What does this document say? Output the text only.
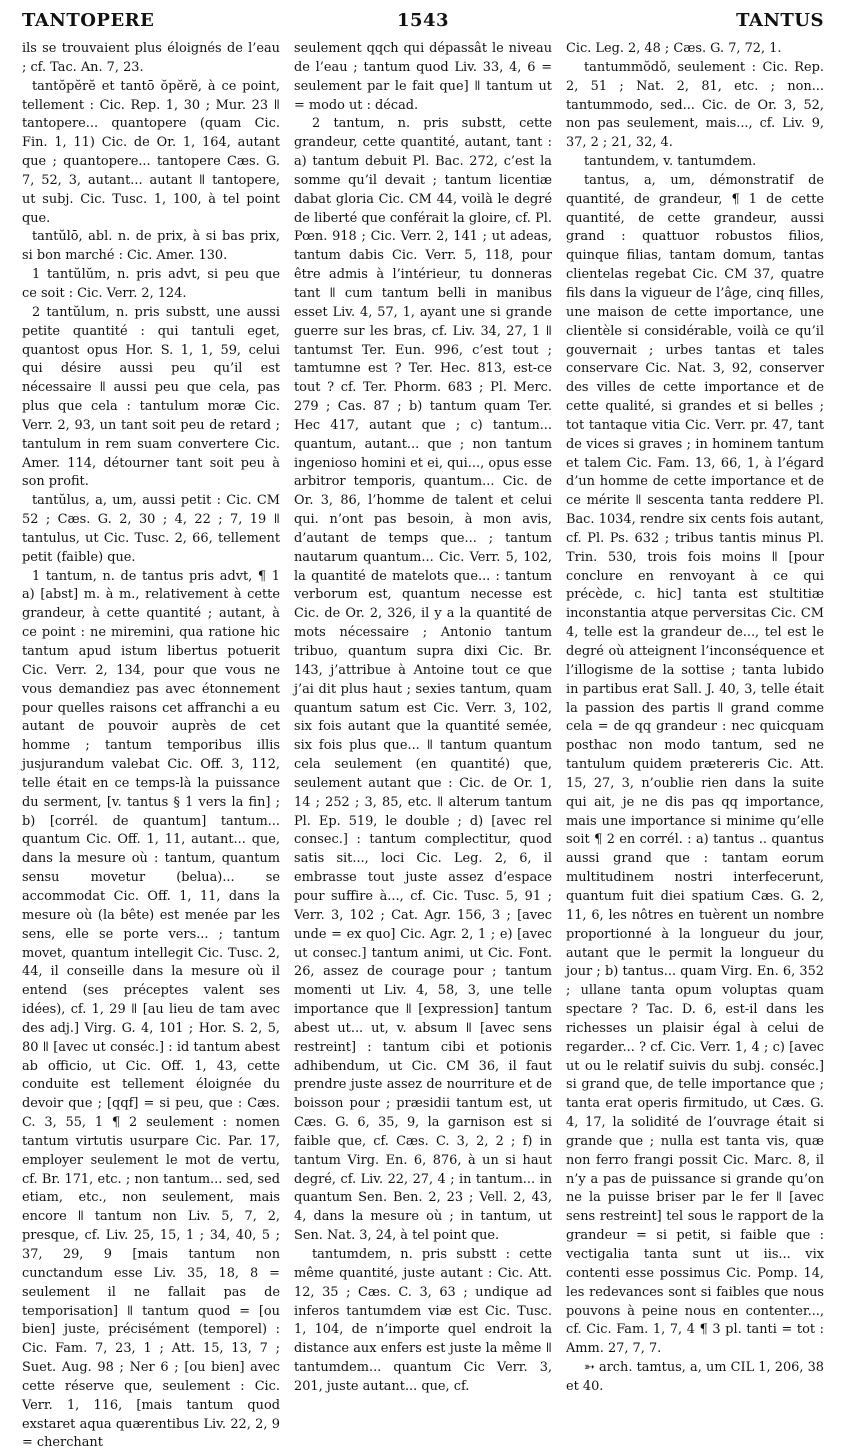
TANTOPERE	1543	TANTUS

ils se trouvaient plus éloignés de l’eau ; cf. Tac. An. 7, 23.

tantŏpĕrĕ et tantō ŏpĕrĕ, à ce point, tellement : Cic. Rep. 1, 30 ; Mur. 23 ǁ tantopere... quantopere (quam Cic. Fin. 1, 11) Cic. de Or. 1, 164, autant que ; quantopere... tantopere Cæs. G. 7, 52, 3, autant... autant ǁ tantopere, ut subj. Cic. Tusc. 1, 100, à tel point que.

tantŭlō, abl. n. de prix, à si bas prix, si bon marché : Cic. Amer. 130.

1 tantŭlŭm, n. pris advt, si peu que ce soit : Cic. Verr. 2, 124.

2 tantŭlum, n. pris substt, une aussi petite quantité : qui tantuli eget, quantost opus Hor. S. 1, 1, 59, celui qui désire aussi peu qu’il est nécessaire ǁ aussi peu que cela, pas plus que cela : tantulum moræ Cic. Verr. 2, 93, un tant soit peu de retard ; tantulum in rem suam convertere Cic. Amer. 114, détourner tant soit peu à son profit.

tantŭlus, a, um, aussi petit : Cic. CM 52 ; Cæs. G. 2, 30 ; 4, 22 ; 7, 19 ǁ tantulus, ut Cic. Tusc. 2, 66, tellement petit (faible) que.

1 tantum, n. de tantus pris advt, ¶ 1 a) [abst] m. à m., relativement à cette grandeur, à cette quantité ; autant, à ce point : ne miremini, qua ratione hic tantum apud istum libertus potuerit Cic. Verr. 2, 134, pour que vous ne vous demandiez pas avec étonnement pour quelles raisons cet affranchi a eu autant de pouvoir auprès de cet homme ; tantum temporibus illis jusjurandum valebat Cic. Off. 3, 112, telle était en ce temps-là la puissance du serment, [v. tantus § 1 vers la fin] ; b) [corrél. de quantum] tantum... quantum Cic. Off. 1, 11, autant... que, dans la mesure où : tantum, quantum sensu movetur (belua)... se accommodat Cic. Off. 1, 11, dans la mesure où (la bête) est menée par les sens, elle se porte vers... ; tantum movet, quantum intellegit Cic. Tusc. 2, 44, il conseille dans la mesure où il entend (ses préceptes valent ses idées), cf. 1, 29 ǁ [au lieu de tam avec des adj.] Virg. G. 4, 101 ; Hor. S. 2, 5, 80 ǁ [avec ut conséc.] : id tantum abest ab officio, ut Cic. Off. 1, 43, cette conduite est tellement éloignée du devoir que ; [qqf] = si peu, que : Cæs. C. 3, 55, 1 ¶ 2 seulement : nomen tantum virtutis usurpare Cic. Par. 17, employer seulement le mot de vertu, cf. Br. 171, etc. ; non tantum... sed, sed etiam, etc., non seulement, mais encore ǁ tantum non Liv. 5, 7, 2, presque, cf. Liv. 25, 15, 1 ; 34, 40, 5 ; 37, 29, 9 [mais tantum non cunctandum esse Liv. 35, 18, 8 = seulement il ne fallait pas de temporisation] ǁ tantum quod = [ou bien] juste, précisément (temporel) : Cic. Fam. 7, 23, 1 ; Att. 15, 13, 7 ; Suet. Aug. 98 ; Ner 6 ; [ou bien] avec cette réserve que, seulement : Cic. Verr. 1, 116, [mais tantum quod exstaret aqua quærentibus Liv. 22, 2, 9 = cherchant

seulement qqch qui dépassât le niveau de l’eau ; tantum quod Liv. 33, 4, 6 = seulement par le fait que] ǁ tantum ut = modo ut : décad.

2 tantum, n. pris substt, cette grandeur, cette quantité, autant, tant : a) tantum debuit Pl. Bac. 272, c’est la somme qu’il devait ; tantum licentiæ dabat gloria Cic. CM 44, voilà le degré de liberté que conférait la gloire, cf. Pl. Pœn. 918 ; Cic. Verr. 2, 141 ; ut adeas, tantum dabis Cic. Verr. 5, 118, pour être admis à l’intérieur, tu donneras tant ǁ cum tantum belli in manibus esset Liv. 4, 57, 1, ayant une si grande guerre sur les bras, cf. Liv. 34, 27, 1 ǁ tantumst Ter. Eun. 996, c’est tout ; tamtumne est ? Ter. Hec. 813, est-ce tout ? cf. Ter. Phorm. 683 ; Pl. Merc. 279 ; Cas. 87 ; b) tantum quam Ter. Hec 417, autant que ; c) tantum... quantum, autant... que ; non tantum ingenioso homini et ei, qui..., opus esse arbitror temporis, quantum... Cic. de Or. 3, 86, l’homme de talent et celui qui. n’ont pas besoin, à mon avis, d’autant de temps que... ; tantum nautarum quantum... Cic. Verr. 5, 102, la quantité de matelots que... : tantum verborum est, quantum necesse est Cic. de Or. 2, 326, il y a la quantité de mots nécessaire ; Antonio tantum tribuo, quantum supra dixi Cic. Br. 143, j’attribue à Antoine tout ce que j’ai dit plus haut ; sexies tantum, quam quantum satum est Cic. Verr. 3, 102, six fois autant que la quantité semée, six fois plus que... ǁ tantum quantum cela seulement (en quantité) que, seulement autant que : Cic. de Or. 1, 14 ; 252 ; 3, 85, etc. ǁ alterum tantum Pl. Ep. 519, le double ; d) [avec rel consec.] : tantum complectitur, quod satis sit..., loci Cic. Leg. 2, 6, il embrasse tout juste assez d’espace pour suffire à..., cf. Cic. Tusc. 5, 91 ; Verr. 3, 102 ; Cat. Agr. 156, 3 ; [avec unde = ex quo] Cic. Agr. 2, 1 ; e) [avec ut consec.] tantum animi, ut Cic. Font. 26, assez de courage pour ; tantum momenti ut Liv. 4, 58, 3, une telle importance que ǁ [expression] tantum abest ut... ut, v. absum ǁ [avec sens restreint] : tantum cibi et potionis adhibendum, ut Cic. CM 36, il faut prendre juste assez de nourriture et de boisson pour ; præsidii tantum est, ut Cæs. G. 6, 35, 9, la garnison est si faible que, cf. Cæs. C. 3, 2, 2 ; f) in tantum Virg. En. 6, 876, à un si haut degré, cf. Liv. 22, 27, 4 ; in tantum... in quantum Sen. Ben. 2, 23 ; Vell. 2, 43, 4, dans la mesure où ; in tantum, ut Sen. Nat. 3, 24, à tel point que.

tantumdem, n. pris substt : cette même quantité, juste autant : Cic. Att. 12, 35 ; Cæs. C. 3, 63 ; undique ad inferos tantumdem viæ est Cic. Tusc. 1, 104, de n’importe quel endroit la distance aux enfers est juste la même ǁ tantumdem... quantum Cic Verr. 3, 201, juste autant... que, cf.

Cic. Leg. 2, 48 ; Cæs. G. 7, 72, 1.

tantummŏdŏ, seulement : Cic. Rep. 2, 51 ; Nat. 2, 81, etc. ; non... tantummodo, sed... Cic. de Or. 3, 52, non pas seulement, mais..., cf. Liv. 9, 37, 2 ; 21, 32, 4.

tantundem, v. tantumdem.

tantus, a, um, démonstratif de quantité, de grandeur, ¶ 1 de cette quantité, de cette grandeur, aussi grand : quattuor robustos filios, quinque filias, tantam domum, tantas clientelas regebat Cic. CM 37, quatre fils dans la vigueur de l’âge, cinq filles, une maison de cette importance, une clientèle si considérable, voilà ce qu’il gouvernait ; urbes tantas et tales conservare Cic. Nat. 3, 92, conserver des villes de cette importance et de cette qualité, si grandes et si belles ; tot tantaque vitia Cic. Verr. pr. 47, tant de vices si graves ; in hominem tantum et talem Cic. Fam. 13, 66, 1, à l’égard d’un homme de cette importance et de ce mérite ǁ sescenta tanta reddere Pl. Bac. 1034, rendre six cents fois autant, cf. Pl. Ps. 632 ; tribus tantis minus Pl. Trin. 530, trois fois moins ǁ [pour conclure en renvoyant à ce qui précède, c. hic] tanta est stultitiæ inconstantia atque perversitas Cic. CM 4, telle est la grandeur de..., tel est le degré où atteignent l’inconséquence et l’illogisme de la sottise ; tanta lubido in partibus erat Sall. J. 40, 3, telle était la passion des partis ǁ grand comme cela = de qq grandeur : nec quicquam posthac non modo tantum, sed ne tantulum quidem prætereris Cic. Att. 15, 27, 3, n’oublie rien dans la suite qui ait, je ne dis pas qq importance, mais une importance si minime qu’elle soit ¶ 2 en corrél. : a) tantus .. quantus aussi grand que : tantam eorum multitudinem nostri interfecerunt, quantum fuit diei spatium Cæs. G. 2, 11, 6, les nôtres en tuèrent un nombre proportionné à la longueur du jour, autant que le permit la longueur du jour ; b) tantus... quam Virg. En. 6, 352 ; ullane tanta opum voluptas quam spectare ? Tac. D. 6, est-il dans les richesses un plaisir égal à celui de regarder... ? cf. Cic. Verr. 1, 4 ; c) [avec ut ou le relatif suivis du subj. conséc.] si grand que, de telle importance que ; tanta erat operis firmitudo, ut Cæs. G. 4, 17, la solidité de l’ouvrage était si grande que ; nulla est tanta vis, quæ non ferro frangi possit Cic. Marc. 8, il n’y a pas de puissance si grande qu’on ne la puisse briser par le fer ǁ [avec sens restreint] tel sous le rapport de la grandeur = si petit, si faible que : vectigalia tanta sunt ut iis... vix contenti esse possimus Cic. Pomp. 14, les redevances sont si faibles que nous pouvons à peine nous en contenter..., cf. Cic. Fam. 1, 7, 4 ¶ 3 pl. tanti = tot : Amm. 27, 7, 7.

➳ arch. tamtus, a, um CIL 1, 206, 38 et 40.
